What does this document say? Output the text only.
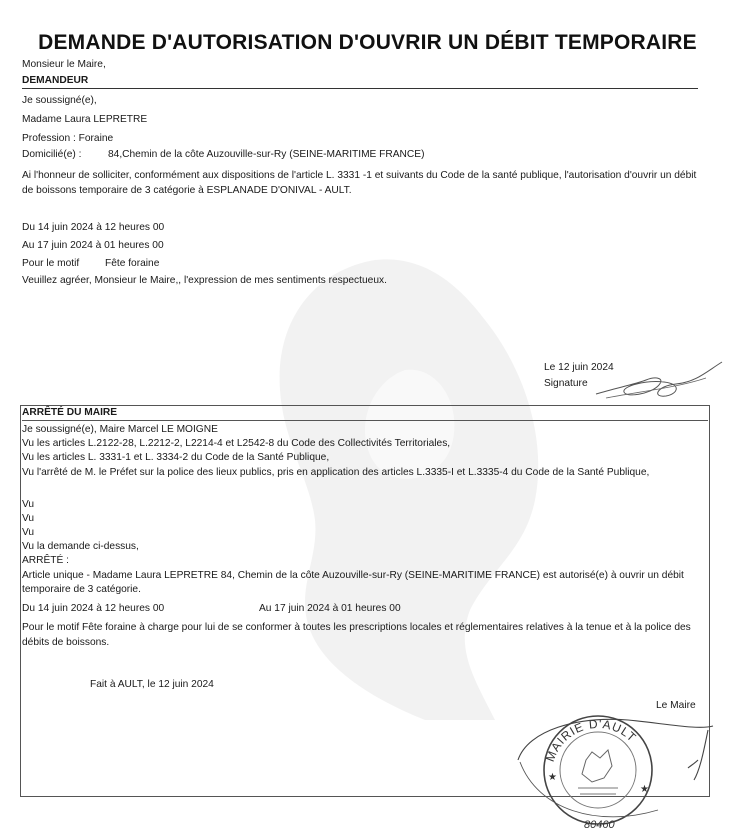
DEMANDE D'AUTORISATION D'OUVRIR UN DÉBIT TEMPORAIRE
Monsieur le Maire,
DEMANDEUR
Je soussigné(e),
Madame Laura LEPRETRE
Profession : Foraine
Domicilié(e) :	84,Chemin de la côte Auzouville-sur-Ry (SEINE-MARITIME FRANCE)
Ai l'honneur de solliciter, conformément aux dispositions de l'article L. 3331 -1 et suivants du Code de la santé publique, l'autorisation d'ouvrir un débit de boissons temporaire de 3 catégorie à ESPLANADE D'ONIVAL - AULT.
Du 14 juin 2024 à 12 heures 00
Au 17 juin 2024 à 01 heures 00
Pour le motif	Fête foraine
Veuillez agréer, Monsieur le Maire,, l'expression de mes sentiments respectueux.
Le 12 juin 2024
Signature
ARRÊTÉ DU MAIRE
Je soussigné(e), Maire Marcel LE MOIGNE
Vu les articles L.2122-28, L.2212-2, L2214-4 et L2542-8 du Code des Collectivités Territoriales,
Vu les articles L. 3331-1 et L. 3334-2 du Code de la Santé Publique,
Vu l'arrêté de M. le Préfet sur la police des lieux publics, pris en application des articles L.3335-I et L.3335-4 du Code de la Santé Publique,
Vu
Vu
Vu
Vu la demande ci-dessus,
ARRÊTÉ :
Article unique - Madame Laura LEPRETRE 84, Chemin de la côte Auzouville-sur-Ry (SEINE-MARITIME FRANCE) est autorisé(e) à ouvrir un débit temporaire de 3 catégorie.
Du 14 juin 2024 à 12 heures 00	Au 17 juin 2024 à 01 heures 00
Pour le motif Fête foraine à charge pour lui de se conformer à toutes les prescriptions locales et réglementaires relatives à la tenue et à la police des débits de boissons.
Fait à AULT, le 12 juin 2024
Le Maire
MAIRIE D'AULT
80460
★
★
